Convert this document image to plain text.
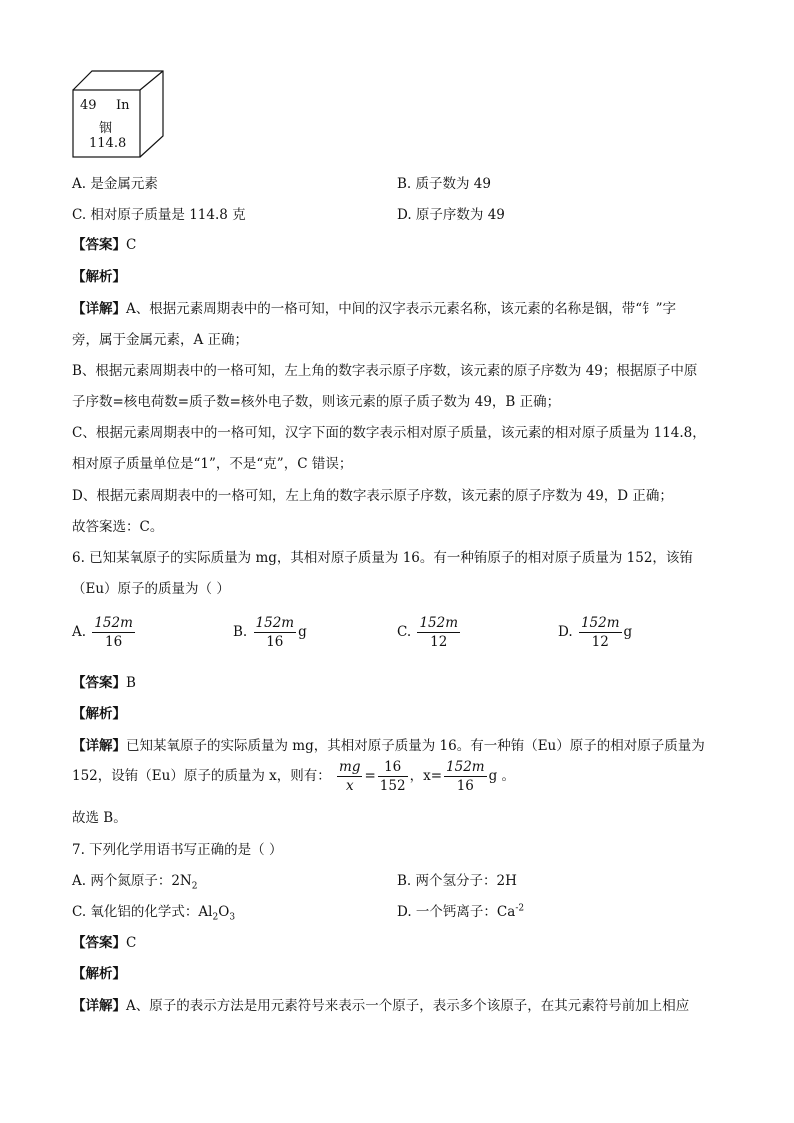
49 In
铟
114.8
A. 是金属元素	B. 质子数为 49
C. 相对原子质量是 114.8 克	D. 原子序数为 49
【答案】C
【解析】
【详解】A、根据元素周期表中的一格可知，中间的汉字表示元素名称，该元素的名称是铟，带“钅”字
旁，属于金属元素，A 正确；
B、根据元素周期表中的一格可知，左上角的数字表示原子序数，该元素的原子序数为 49；根据原子中原
子序数=核电荷数=质子数=核外电子数，则该元素的原子质子数为 49，B 正确；
C、根据元素周期表中的一格可知，汉字下面的数字表示相对原子质量，该元素的相对原子质量为 114.8，
相对原子质量单位是“1”，不是“克”，C 错误；
D、根据元素周期表中的一格可知，左上角的数字表示原子序数，该元素的原子序数为 49，D 正确；
故答案选：C。
6. 已知某氧原子的实际质量为 mg，其相对原子质量为 16。有一种铕原子的相对原子质量为 152，该铕
（Eu）原子的质量为（ ）
A. $\frac{152m}{16}$	B. $\frac{152m}{16}$ g	C. $\frac{152m}{12}$	D. $\frac{152m}{12}$ g
【答案】B
【解析】
【详解】已知某氧原子的实际质量为 mg，其相对原子质量为 16。有一种铕（Eu）原子的相对原子质量为
152，设铕（Eu）原子的质量为 x，则有： $\frac{mg}{x} = \frac{16}{152}$ ，$x= \frac{152m}{16}$ g 。
故选 B。
7. 下列化学用语书写正确的是（ ）
A. 两个氮原子：$2N_2$	B. 两个氢分子：2H
C. 氧化铝的化学式：$Al_2O_3$	D. 一个钙离子：$Ca^{-2}$
【答案】C
【解析】
【详解】A、原子的表示方法是用元素符号来表示一个原子，表示多个该原子，在其元素符号前加上相应
